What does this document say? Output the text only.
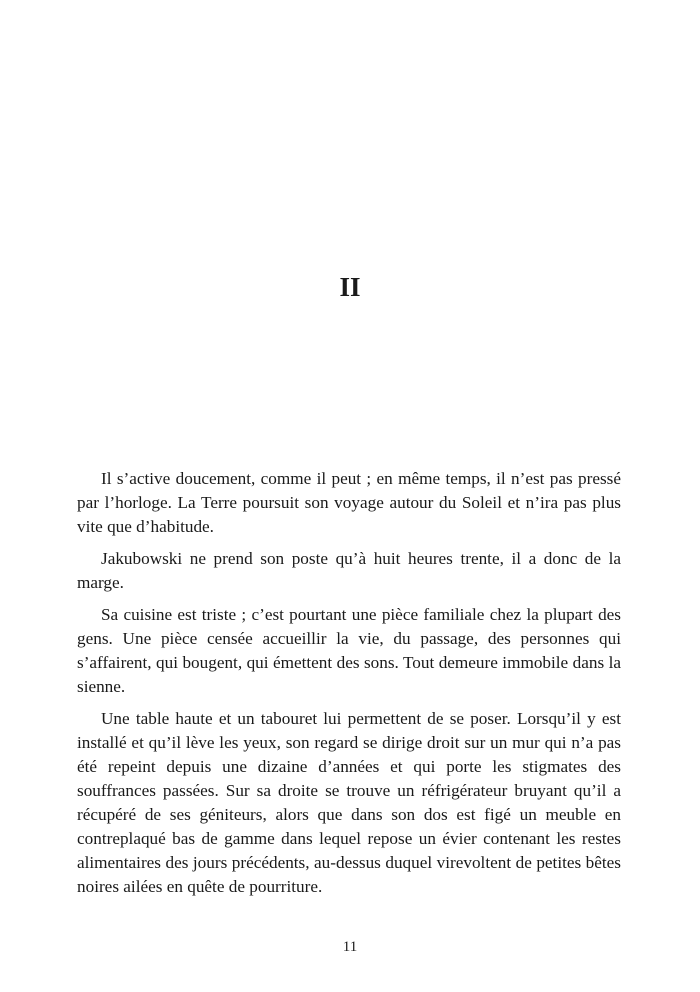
II

Il s’active doucement, comme il peut ; en même temps, il n’est pas pressé par l’horloge. La Terre poursuit son voyage autour du Soleil et n’ira pas plus vite que d’habitude.

Jakubowski ne prend son poste qu’à huit heures trente, il a donc de la marge.

Sa cuisine est triste ; c’est pourtant une pièce familiale chez la plupart des gens. Une pièce censée accueillir la vie, du passage, des personnes qui s’affairent, qui bougent, qui émettent des sons. Tout demeure immobile dans la sienne.

Une table haute et un tabouret lui permettent de se poser. Lorsqu’il y est installé et qu’il lève les yeux, son regard se dirige droit sur un mur qui n’a pas été repeint depuis une dizaine d’années et qui porte les stigmates des souffrances passées. Sur sa droite se trouve un réfrigérateur bruyant qu’il a récupéré de ses géniteurs, alors que dans son dos est figé un meuble en contreplaqué bas de gamme dans lequel repose un évier contenant les restes alimentaires des jours précédents, au-dessus duquel virevoltent de petites bêtes noires ailées en quête de pourriture.

11
